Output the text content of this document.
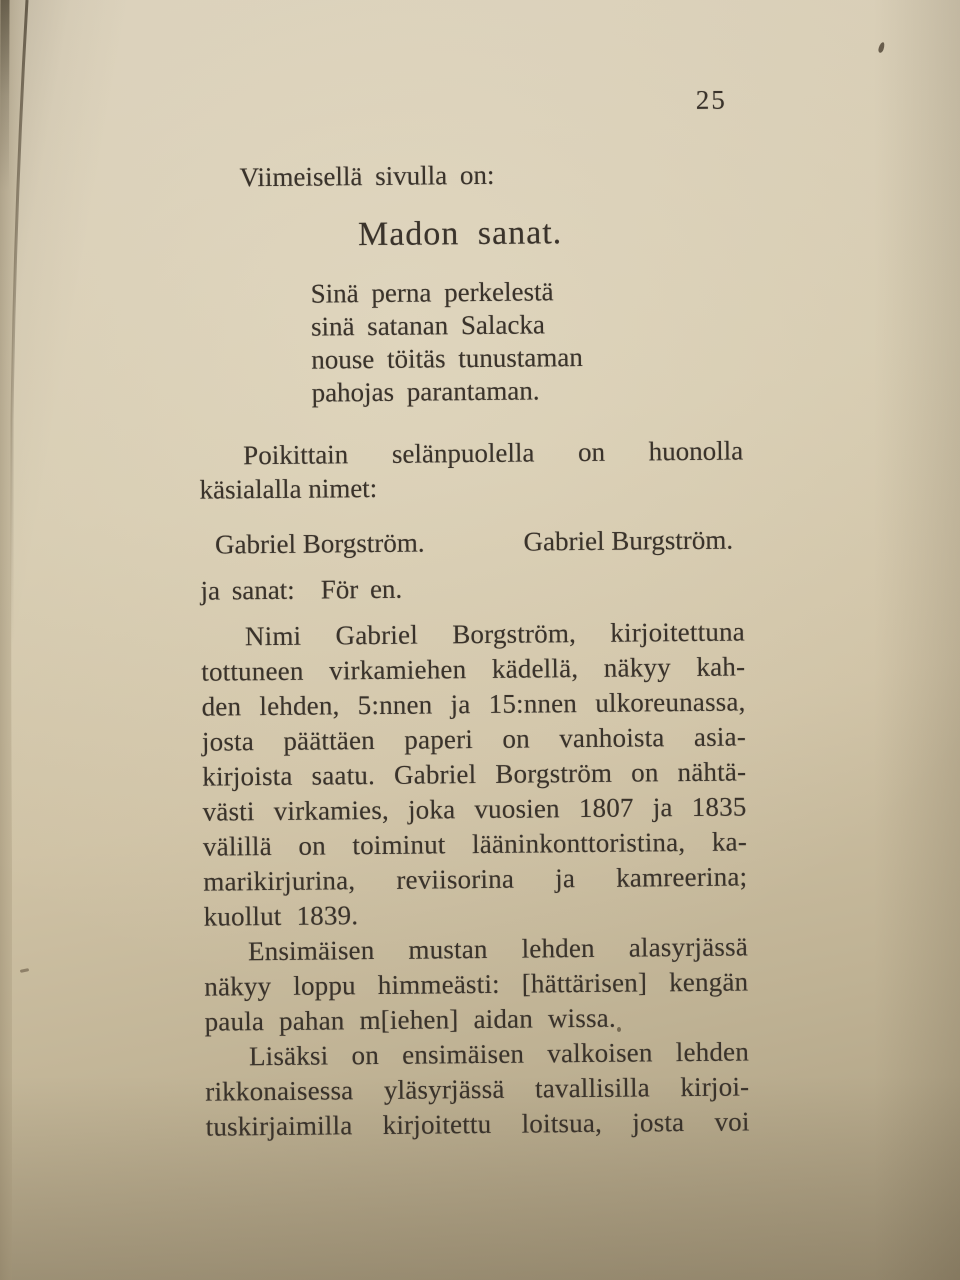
25
Viimeisellä sivulla on:
Madon sanat.
Sinä perna perkelestä
sinä satanan Salacka
nouse töitäs tunustaman
pahojas parantaman.
Poikittain selänpuolella on huonolla
käsialalla nimet:
Gabriel Borgström.	Gabriel Burgström.
ja sanat: För en.
Nimi Gabriel Borgström, kirjoitettuna
tottuneen virkamiehen kädellä, näkyy kah-
den lehden, 5:nnen ja 15:nnen ulkoreunassa,
josta päättäen paperi on vanhoista asia-
kirjoista saatu. Gabriel Borgström on nähtä-
västi virkamies, joka vuosien 1807 ja 1835
välillä on toiminut lääninkonttoristina, ka-
marikirjurina, reviisorina ja kamreerina;
kuollut 1839.
Ensimäisen mustan lehden alasyrjässä
näkyy loppu himmeästi: [hättärisen] kengän
paula pahan m[iehen] aidan wissa.
Lisäksi on ensimäisen valkoisen lehden
rikkonaisessa yläsyrjässä tavallisilla kirjoi-
tuskirjaimilla kirjoitettu loitsua, josta voi
